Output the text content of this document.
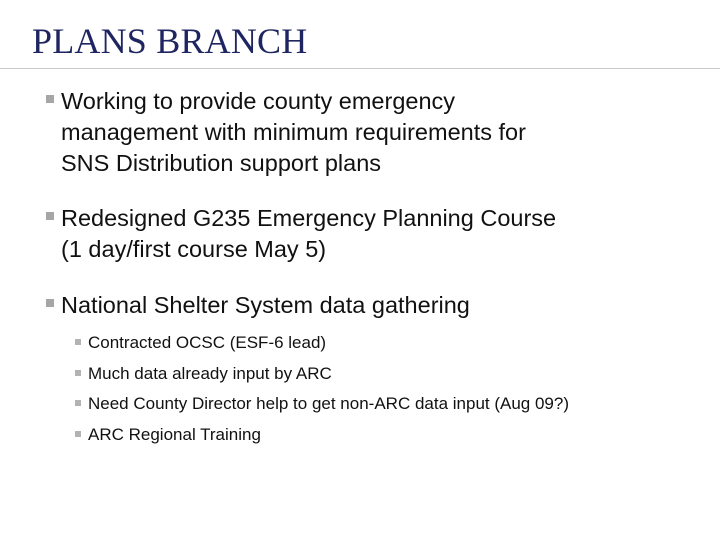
PLANS BRANCH
Working to provide county emergency
management with minimum requirements for
SNS Distribution support plans
Redesigned G235 Emergency Planning Course
(1 day/first course May 5)
National Shelter System data gathering
Contracted OCSC (ESF-6 lead)
Much data already input by ARC
Need County Director help to get non-ARC data input (Aug 09?)
ARC Regional Training
